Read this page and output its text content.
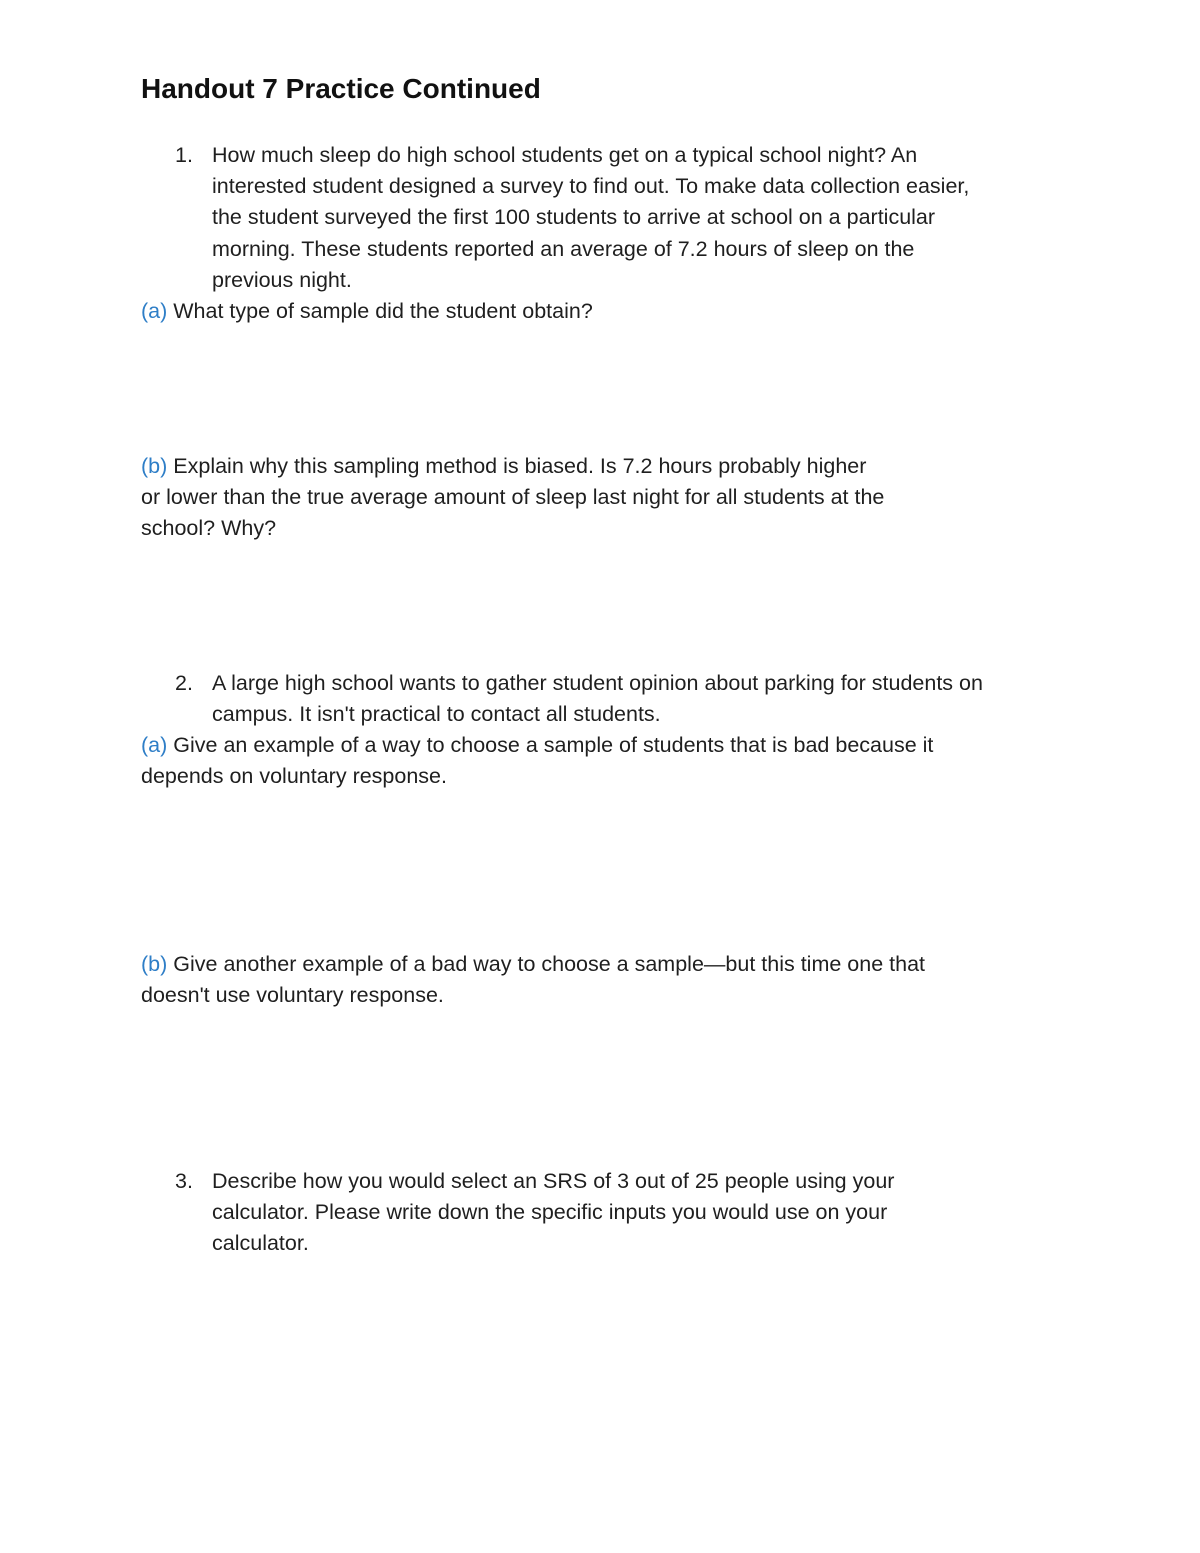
Handout 7 Practice Continued
1. How much sleep do high school students get on a typical school night? An
interested student designed a survey to find out. To make data collection easier,
the student surveyed the first 100 students to arrive at school on a particular
morning. These students reported an average of 7.2 hours of sleep on the
previous night.
(a) What type of sample did the student obtain?
(b) Explain why this sampling method is biased. Is 7.2 hours probably higher
or lower than the true average amount of sleep last night for all students at the
school? Why?
2. A large high school wants to gather student opinion about parking for students on
campus. It isn't practical to contact all students.
(a) Give an example of a way to choose a sample of students that is bad because it
depends on voluntary response.
(b) Give another example of a bad way to choose a sample—but this time one that
doesn't use voluntary response.
3. Describe how you would select an SRS of 3 out of 25 people using your
calculator. Please write down the specific inputs you would use on your
calculator.
